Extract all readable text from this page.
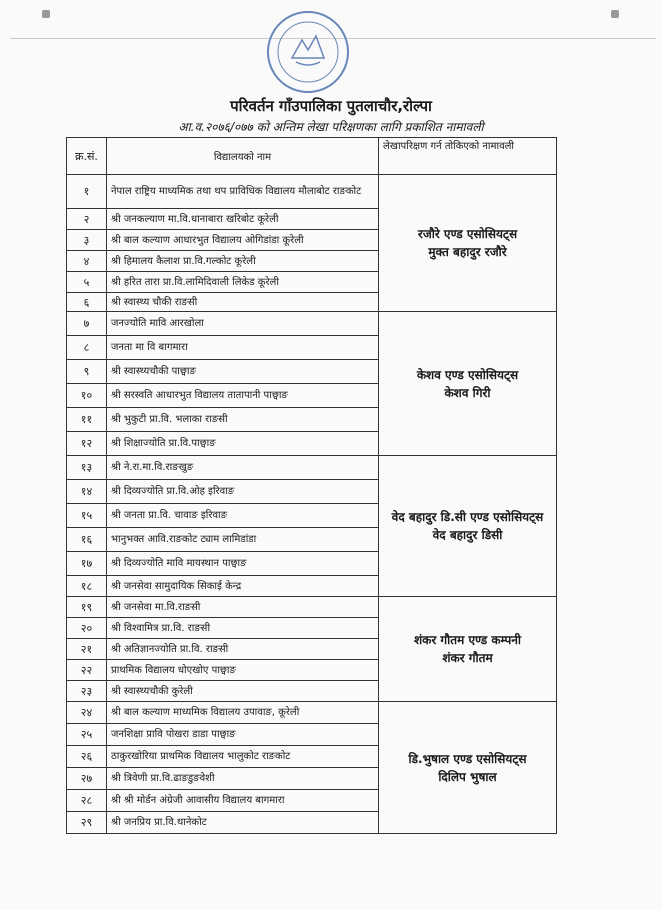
परिवर्तन गाँउपालिका पुतलाचौर,रोल्पा
आ.व.२०७६/०७७ को अन्तिम लेखा परिक्षणका लागि प्रकाशित नामावली
क्र.सं.	विद्यालयको नाम	लेखापरिक्षण गर्न तोकिएको नामावली
१	नेपाल राष्ट्रिय माध्यमिक तथा थप प्राविधिक विद्यालय मौलाबोट राङकोट	रजौरे एण्ड एसोसियट्स
मुक्त बहादुर रजौरे

२	श्री जनकल्याण मा.वि.धानाबारा खरिबोट कूरेली	
३	श्री बाल कल्याण आधारभुत विद्यालय ओगिडांडा कूरेली	
४	श्री हिमालय कैलाश प्रा.वि.गल्कोट कूरेली	
५	श्री हरित तारा प्रा.वि.लामिदिवाली लिकेड कूरेली	
६	श्री स्वास्थ्य चौकी राङसी	
७	जनज्योति मावि आरखोला	केशव एण्ड एसोसियट्स
केशव गिरी

८	जनता मा वि बागमारा	
९	श्री स्वास्थ्यचौकी पाछ्वाङ	
१०	श्री सरस्वति आधारभुत विद्यालय तातापानी पाछ्वाङ	
११	श्री भुकुटी प्रा.वि. भलाका राङसी	
१२	श्री शिक्षाज्योति प्रा.वि.पाछ्वाङ	
१३	श्री ने.रा.मा.वि.राङखुङ	वेद बहादुर डि.सी एण्ड एसोसियट्स
वेद बहादुर डिसी

१४	श्री दिव्यज्योति प्रा.वि.ओह इरिवाङ	
१५	श्री जनता प्रा.वि. चावाङ इरिवाङ	
१६	भानुभक्त आवि.राङकोट ट्याम लामिडांडा	
१७	श्री दिव्यज्योति मावि मायस्थान पाछ्वाङ	
१८	श्री जनसेवा सामुदायिक सिकाई केन्द्र	
१९	श्री जनसेवा मा.वि.राङसी	शंकर गौतम एण्ड कम्पनी
शंकर गौतम

२०	श्री विश्वामित्र प्रा.वि. राङसी	
२१	श्री अतिज्ञानज्योति प्रा.वि. राङसी	
२२	प्राथमिक विद्यालय धोएखोए पाछ्वाङ	
२३	श्री स्वास्थ्यचौकी कुरेली	
२४	श्री बाल कल्याण माध्यमिक विद्यालय उपावाङ, कूरेली	डि.भुषाल एण्ड एसोसियट्स
दिलिप भुषाल

२५	जनशिक्षा प्रावि पोखरा डाडा पाछ्वाङ	
२६	ठाकुरखोरिया प्राथमिक विद्यालय भालुकोट राङकोट	
२७	श्री त्रिवेणी प्रा.वि.ढाङडुङवेशी	
२८	श्री श्री मोर्डन अंग्रेजी आवासीय विद्यालय बागमारा	
२९	श्री जनप्रिय प्रा.वि.थानेकोट	
